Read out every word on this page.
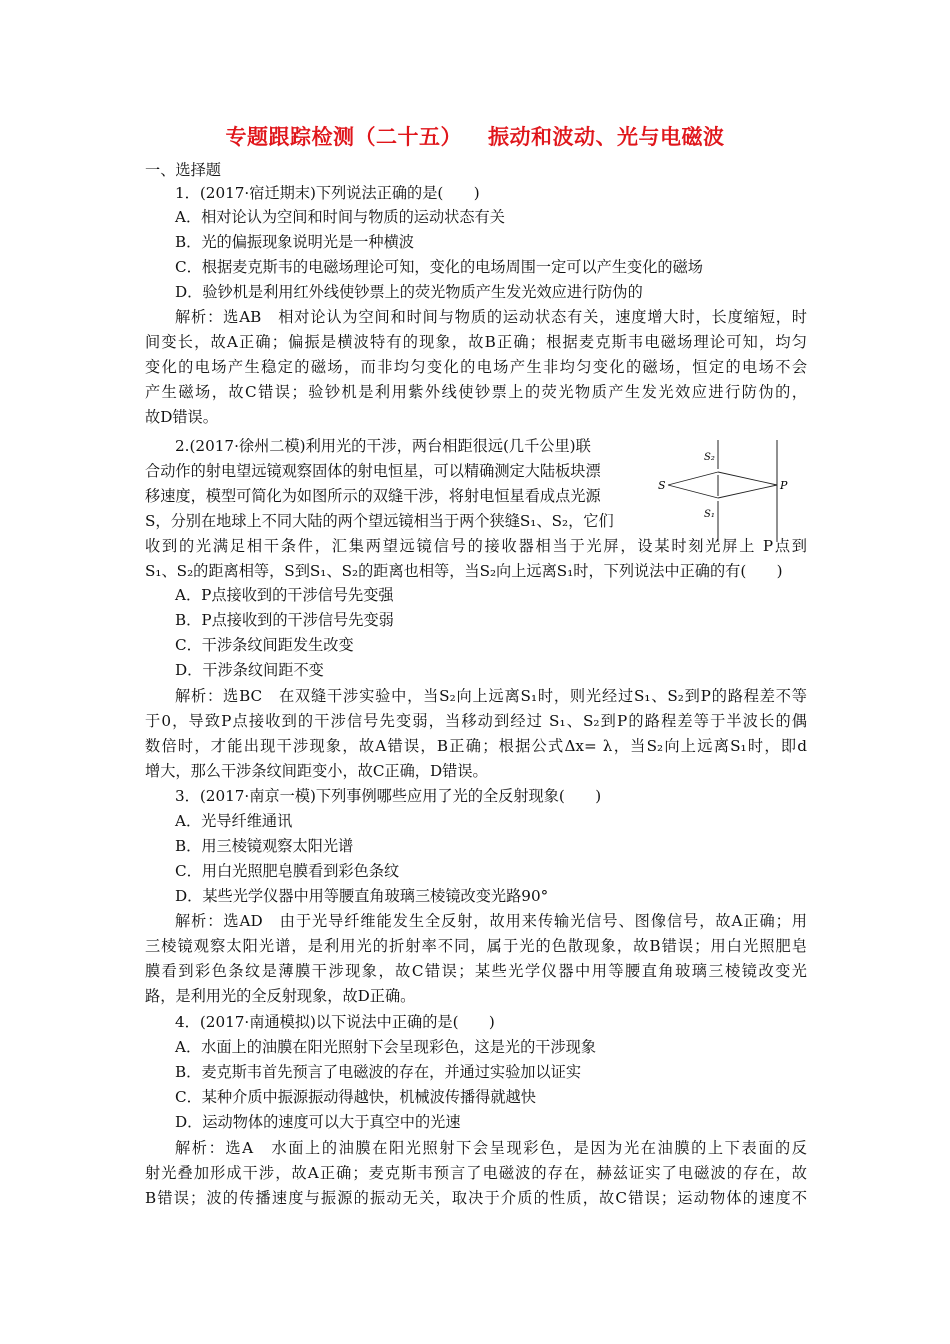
专题跟踪检测（二十五） 振动和波动、光与电磁波
一、选择题
1．(2017·宿迁期末)下列说法正确的是(　　)
A．相对论认为空间和时间与物质的运动状态有关
B．光的偏振现象说明光是一种横波
C．根据麦克斯韦的电磁场理论可知，变化的电场周围一定可以产生变化的磁场
D．验钞机是利用红外线使钞票上的荧光物质产生发光效应进行防伪的
解析：选AB　相对论认为空间和时间与物质的运动状态有关，速度增大时，长度缩短，时
间变长，故A正确；偏振是横波特有的现象，故B正确；根据麦克斯韦电磁场理论可知，均匀
变化的电场产生稳定的磁场，而非均匀变化的电场产生非均匀变化的磁场，恒定的电场不会
产生磁场，故C错误；验钞机是利用紫外线使钞票上的荧光物质产生发光效应进行防伪的，
故D错误。
2.(2017·徐州二模)利用光的干涉，两台相距很远(几千公里)联
合动作的射电望远镜观察固体的射电恒星，可以精确测定大陆板块漂
移速度，模型可简化为如图所示的双缝干涉，将射电恒星看成点光源
S，分别在地球上不同大陆的两个望远镜相当于两个狭缝S₁、S₂，它们
收到的光满足相干条件，汇集两望远镜信号的接收器相当于光屏，设某时刻光屏上 P点到
S₁、S₂的距离相等，S到S₁、S₂的距离也相等，当S₂向上远离S₁时，下列说法中正确的有(　　)
S
S₂
S₁
P
A．P点接收到的干涉信号先变强
B．P点接收到的干涉信号先变弱
C．干涉条纹间距发生改变
D．干涉条纹间距不变
解析：选BC　在双缝干涉实验中，当S₂向上远离S₁时，则光经过S₁、S₂到P的路程差不等
于0，导致P点接收到的干涉信号先变弱，当移动到经过 S₁、S₂到P的路程差等于半波长的偶
数倍时，才能出现干涉现象，故A错误，B正确；根据公式Δx= λ，当S₂向上远离S₁时，即d
增大，那么干涉条纹间距变小，故C正确，D错误。
3．(2017·南京一模)下列事例哪些应用了光的全反射现象(　　)
A．光导纤维通讯
B．用三棱镜观察太阳光谱
C．用白光照肥皂膜看到彩色条纹
D．某些光学仪器中用等腰直角玻璃三棱镜改变光路90°
解析：选AD　由于光导纤维能发生全反射，故用来传输光信号、图像信号，故A正确；用
三棱镜观察太阳光谱，是利用光的折射率不同，属于光的色散现象，故B错误；用白光照肥皂
膜看到彩色条纹是薄膜干涉现象，故C错误；某些光学仪器中用等腰直角玻璃三棱镜改变光
路，是利用光的全反射现象，故D正确。
4．(2017·南通模拟)以下说法中正确的是(　　)
A．水面上的油膜在阳光照射下会呈现彩色，这是光的干涉现象
B．麦克斯韦首先预言了电磁波的存在，并通过实验加以证实
C．某种介质中振源振动得越快，机械波传播得就越快
D．运动物体的速度可以大于真空中的光速
解析：选A　水面上的油膜在阳光照射下会呈现彩色，是因为光在油膜的上下表面的反
射光叠加形成干涉，故A正确；麦克斯韦预言了电磁波的存在，赫兹证实了电磁波的存在，故
B错误；波的传播速度与振源的振动无关，取决于介质的性质，故C错误；运动物体的速度不
